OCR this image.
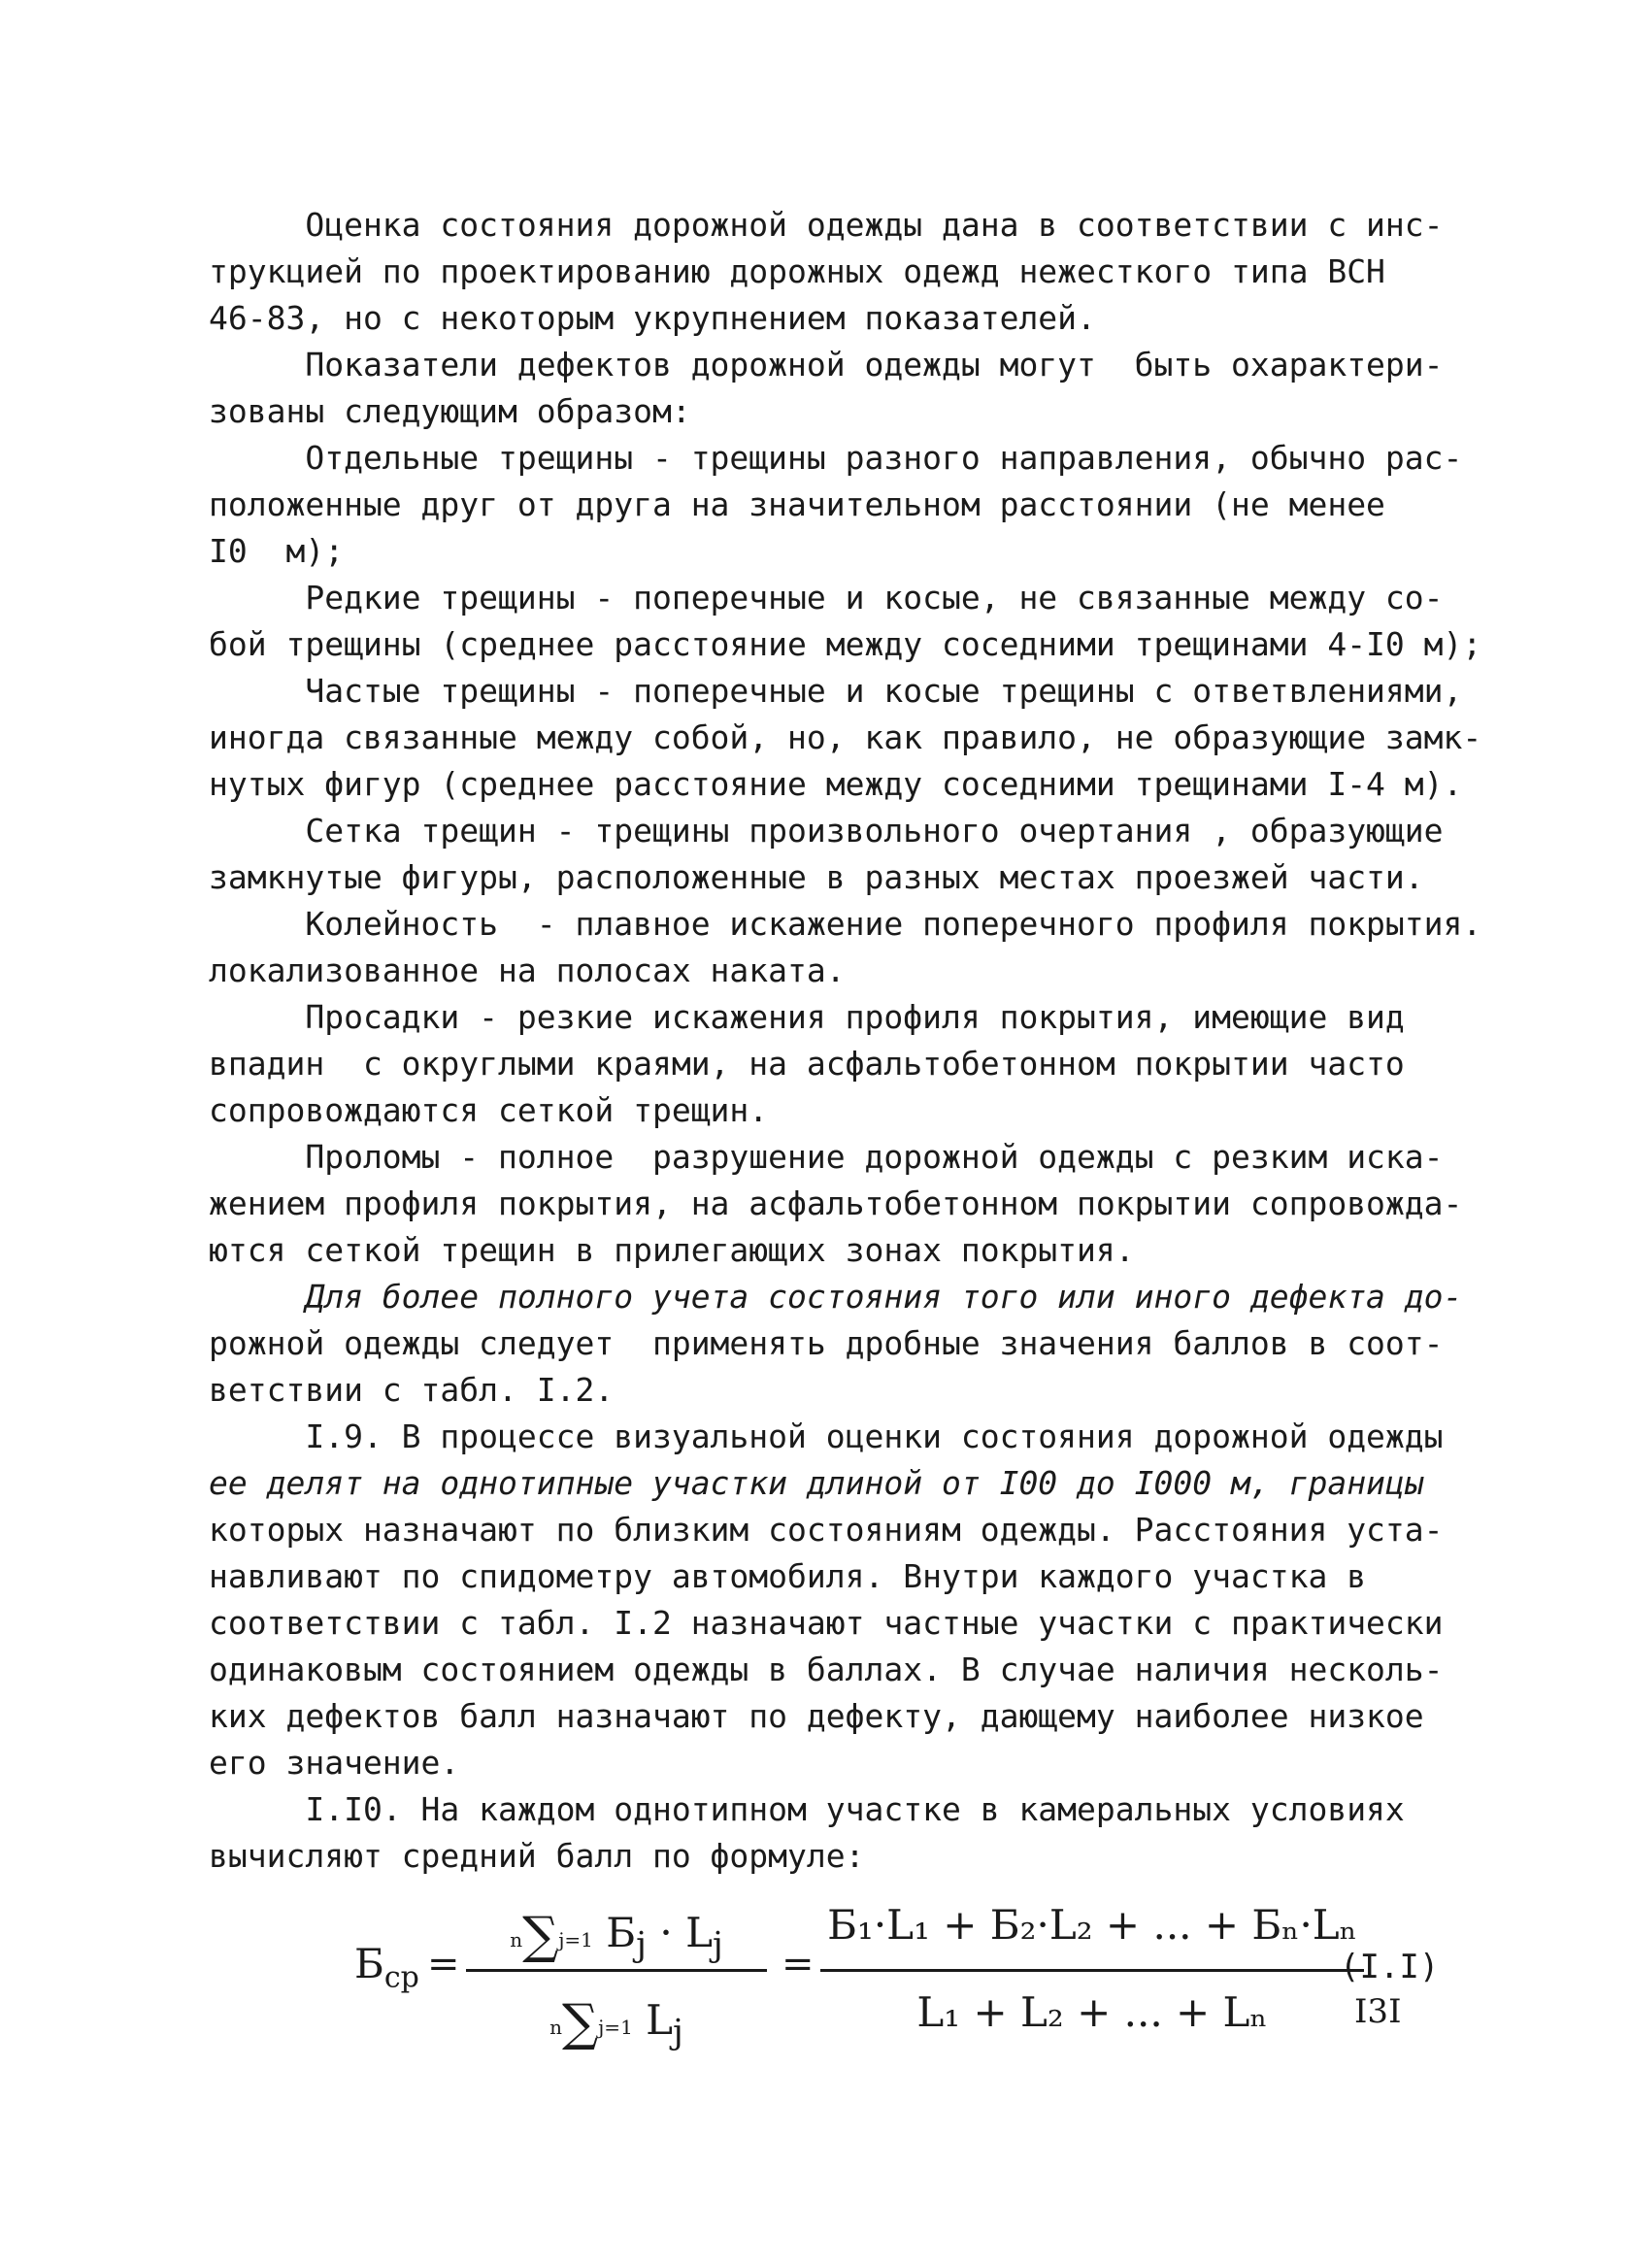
Оценка состояния дорожной одежды дана в соответствии с инс-
трукцией по проектированию дорожных одежд нежесткого типа ВСН
46-83, но с некоторым укрупнением показателей.
Показатели дефектов дорожной одежды могут  быть охарактери-
зованы следующим образом:
Отдельные трещины - трещины разного направления, обычно рас-
положенные друг от друга на значительном расстоянии (не менее
I0  м);
Редкие трещины - поперечные и косые, не связанные между со-
бой трещины (среднее расстояние между соседними трещинами 4-I0 м);
Частые трещины - поперечные и косые трещины с ответвлениями,
иногда связанные между собой, но, как правило, не образующие замк-
нутых фигур (среднее расстояние между соседними трещинами I-4 м).
Сетка трещин - трещины произвольного очертания , образующие
замкнутые фигуры, расположенные в разных местах проезжей части.
Колейность  - плавное искажение поперечного профиля покрытия.
локализованное на полосах наката.
Просадки - резкие искажения профиля покрытия, имеющие вид
впадин  с округлыми краями, на асфальтобетонном покрытии часто
сопровождаются сеткой трещин.
Проломы - полное  разрушение дорожной одежды с резким иска-
жением профиля покрытия, на асфальтобетонном покрытии сопровожда-
ются сеткой трещин в прилегающих зонах покрытия.
Для более полного учета состояния того или иного дефекта до-
рожной одежды следует  применять дробные значения баллов в соот-
ветствии с табл. I.2.
I.9. В процессе визуальной оценки состояния дорожной одежды
ее делят на однотипные участки длиной от I00 до I000 м, границы
которых назначают по близким состояниям одежды. Расстояния уста-
навливают по спидометру автомобиля. Внутри каждого участка в
соответствии с табл. I.2 назначают частные участки с практически
одинаковым состоянием одежды в баллах. В случае наличия несколь-
ких дефектов балл назначают по дефекту, дающему наиболее низкое
его значение.
I.I0. На каждом однотипном участке в камеральных условиях
вычисляют средний балл по формуле:
$Б_{ср}$ =
n∑j=1 $Б_j \cdot L_j$
n∑j=1 $L_j$
=
Б₁·L₁ + Б₂·L₂ + ... + Бₙ·Lₙ
L₁ + L₂ + ... + Lₙ
(I.I)
I3I
